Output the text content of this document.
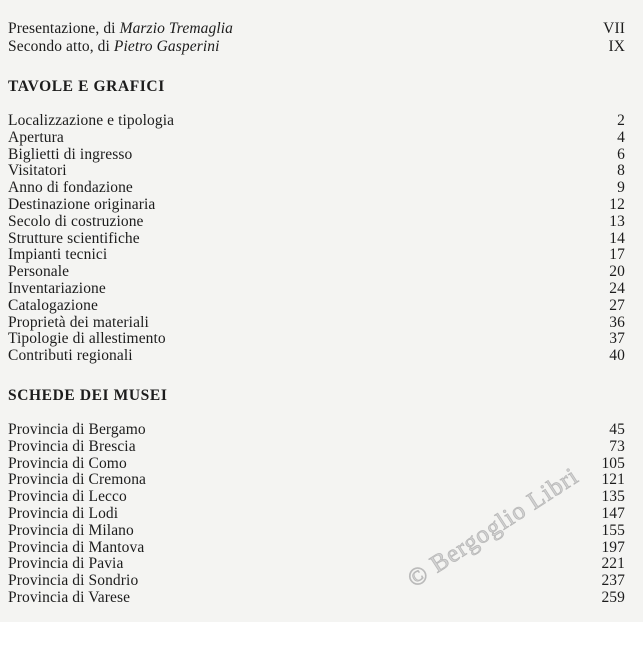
Presentazione, di Marzio Tremaglia	VII
Secondo atto, di Pietro Gasperini	IX
TAVOLE E GRAFICI
Localizzazione e tipologia	2
Apertura	4
Biglietti di ingresso	6
Visitatori	8
Anno di fondazione	9
Destinazione originaria	12
Secolo di costruzione	13
Strutture scientifiche	14
Impianti tecnici	17
Personale	20
Inventariazione	24
Catalogazione	27
Proprietà dei materiali	36
Tipologie di allestimento	37
Contributi regionali	40
SCHEDE DEI MUSEI
Provincia di Bergamo	45
Provincia di Brescia	73
Provincia di Como	105
Provincia di Cremona	121
Provincia di Lecco	135
Provincia di Lodi	147
Provincia di Milano	155
Provincia di Mantova	197
Provincia di Pavia	221
Provincia di Sondrio	237
Provincia di Varese	259
© Bergoglio Libri
